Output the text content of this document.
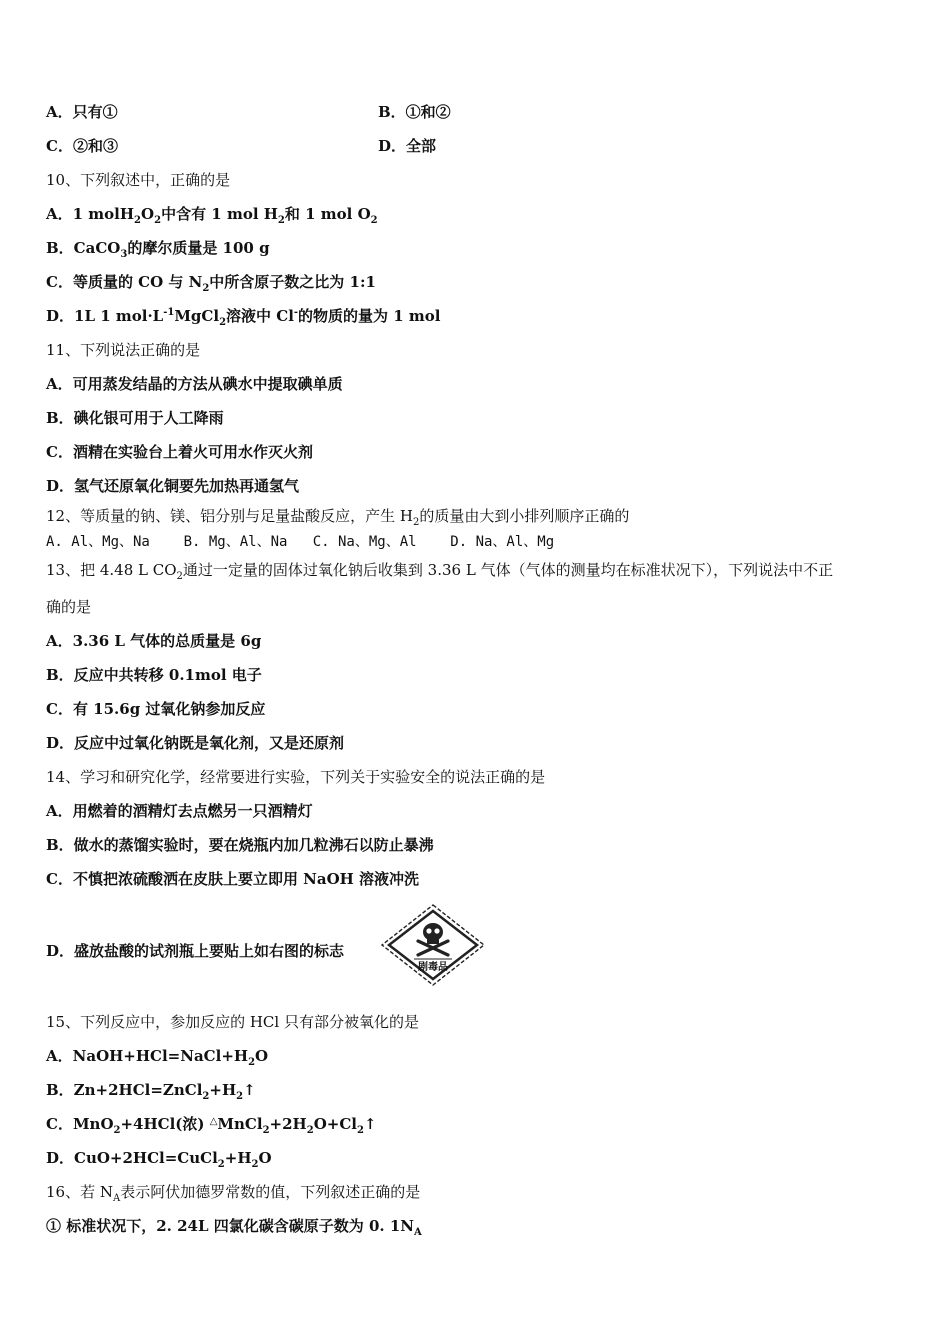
A．只有①	B．①和②
C．②和③	D．全部
10、下列叙述中，正确的是
A．1 $molH_2O_2$中含有 1 mol $H_2$和 1 mol $O_2$
B．CaCO$_3$的摩尔质量是 100 g
C．等质量的 CO 与 $N_2$中所含原子数之比为 1:1
D．1L 1 $mol\cdot L^{-1}MgCl_2$溶液中 Cl-的物质的量为 1 mol
11、下列说法正确的是
A．可用蒸发结晶的方法从碘水中提取碘单质
B．碘化银可用于人工降雨
C．酒精在实验台上着火可用水作灭火剂
D．氢气还原氧化铜要先加热再通氢气
12、等质量的钠、镁、铝分别与足量盐酸反应，产生 $H_2$的质量由大到小排列顺序正确的
A. Al、Mg、Na    B. Mg、Al、Na   C. Na、Mg、Al    D. Na、Al、Mg
13、把 4.48 L $CO_2$通过一定量的固体过氧化钠后收集到 3.36 L 气体（气体的测量均在标准状况下），下列说法中不正
确的是
A．3.36 L 气体的总质量是 6g
B．反应中共转移 0.1mol 电子
C．有 15.6g 过氧化钠参加反应
D．反应中过氧化钠既是氧化剂，又是还原剂
14、学习和研究化学，经常要进行实验，下列关于实验安全的说法正确的是
A．用燃着的酒精灯去点燃另一只酒精灯
B．做水的蒸馏实验时，要在烧瓶内加几粒沸石以防止暴沸
C．不慎把浓硫酸洒在皮肤上要立即用 NaOH 溶液冲洗
D．盛放盐酸的试剂瓶上要贴上如右图的标志
剧毒品
15、下列反应中，参加反应的 HCl 只有部分被氧化的是
A．$NaOH+HCl=NaCl+H_2O$
B．$Zn+2HCl=ZnCl_2+H_2↑$
C．MnO$_2$+4HCl(浓) $^\triangle MnCl_2+2H_2O+Cl_2↑$
D．$CuO+2HCl=CuCl_2+H_2O$
16、若 $N_A$表示阿伏加德罗常数的值，下列叙述正确的是
① 标准状况下，2. 24L 四氯化碳含碳原子数为 0. $1N_A$
